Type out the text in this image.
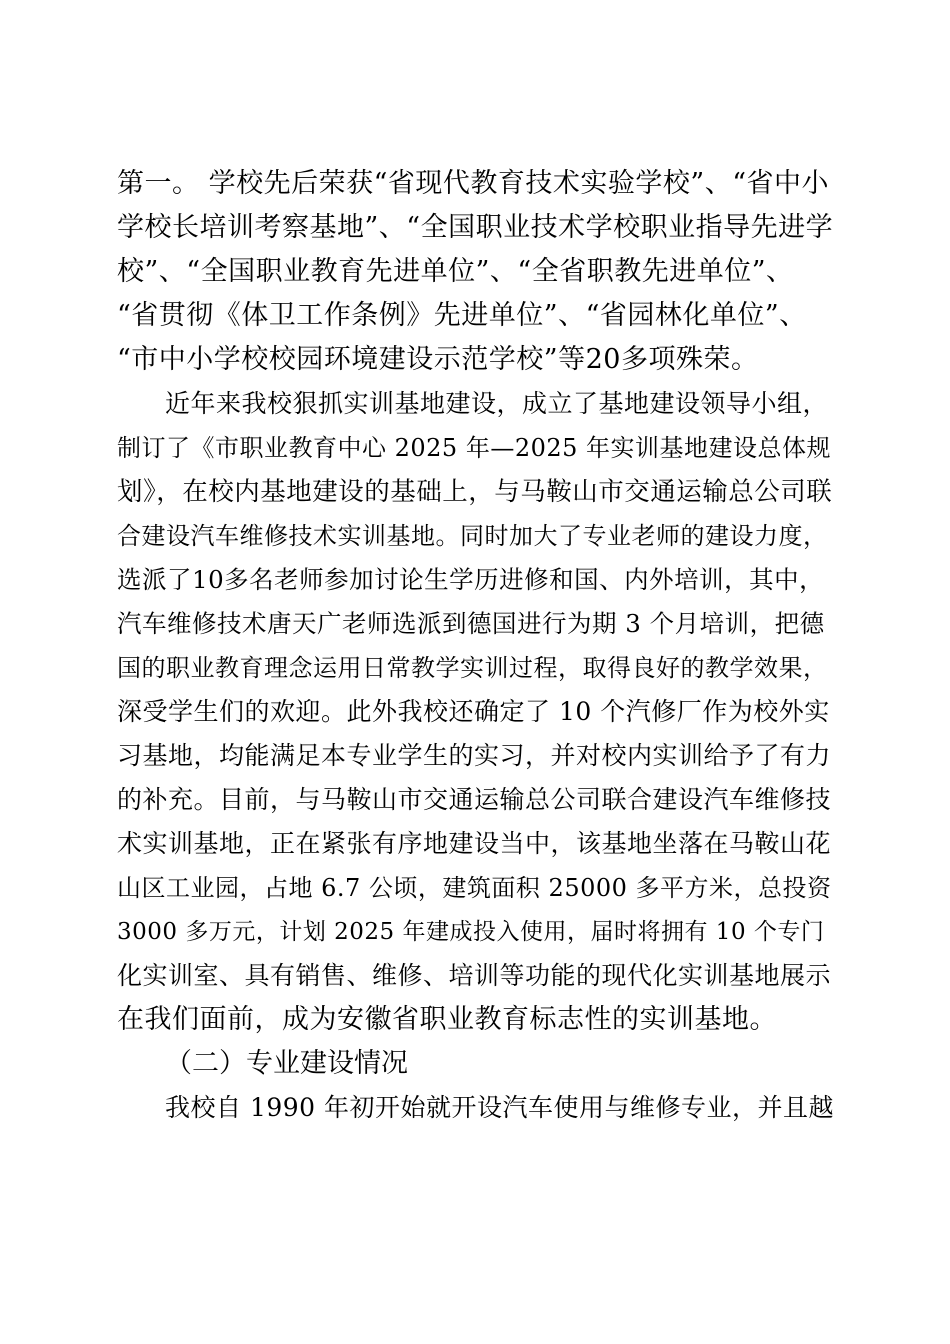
第一。 学校先后荣获“省现代教育技术实验学校”、“省中小
学校长培训考察基地”、“全国职业技术学校职业指导先进学
校”、“全国职业教育先进单位”、“全省职教先进单位”、
“省贯彻《体卫工作条例》先进单位”、“省园林化单位”、
“市中小学校校园环境建设示范学校”等20多项殊荣。
近年来我校狠抓实训基地建设，成立了基地建设领导小组，
制订了《市职业教育中心 2025 年—2025 年实训基地建设总体规
划》，在校内基地建设的基础上，与马鞍山市交通运输总公司联
合建设汽车维修技术实训基地。同时加大了专业老师的建设力度，
选派了10多名老师参加讨论生学历进修和国、内外培训，其中，
汽车维修技术唐天广老师选派到德国进行为期 3 个月培训，把德
国的职业教育理念运用日常教学实训过程，取得良好的教学效果，
深受学生们的欢迎。此外我校还确定了 10 个汽修厂作为校外实
习基地，均能满足本专业学生的实习，并对校内实训给予了有力
的补充。目前，与马鞍山市交通运输总公司联合建设汽车维修技
术实训基地，正在紧张有序地建设当中，该基地坐落在马鞍山花
山区工业园，占地 6.7 公顷，建筑面积 25000 多平方米，总投资
3000 多万元，计划 2025 年建成投入使用，届时将拥有 10 个专门
化实训室、具有销售、维修、培训等功能的现代化实训基地展示
在我们面前，成为安徽省职业教育标志性的实训基地。
（二）专业建设情况
我校自 1990 年初开始就开设汽车使用与维修专业，并且越
